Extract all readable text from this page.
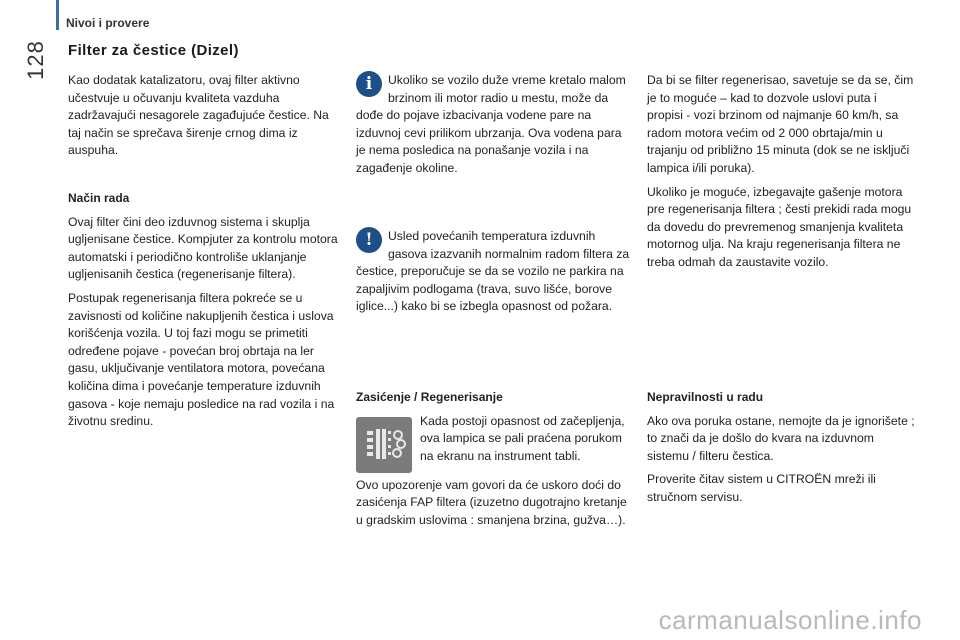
128
Nivoi i provere
Filter za čestice (Dizel)

Kao dodatak katalizatoru, ovaj filter aktivno učestvuje u očuvanju kvaliteta vazduha zadržavajući nesagorele zagađujuće čestice. Na taj način se sprečava širenje crnog dima iz auspuha.

Način rada

Ovaj filter čini deo izduvnog sistema i skuplja ugljenisane čestice. Kompjuter za kontrolu motora automatski i periodično kontroliše uklanjanje ugljenisanih čestica (regenerisanje filtera).

Postupak regenerisanja filtera pokreće se u zavisnosti od količine nakupljenih čestica i uslova korišćenja vozila. U toj fazi mogu se primetiti određene pojave - povećan broj obrtaja na ler gasu, uključivanje ventilatora motora, povećana količina dima i povećanje temperature izduvnih gasova - koje nemaju posledice na rad vozila i na životnu sredinu.

i	Ukoliko se vozilo duže vreme kretalo malom brzinom ili motor radio u mestu, može da dođe do pojave izbacivanja vodene pare na izduvnoj cevi prilikom ubrzanja. Ova vodena para je nema posledica na ponašanje vozila i na zagađenje okoline.

!	Usled povećanih temperatura izduvnih gasova izazvanih normalnim radom filtera za čestice, preporučuje se da se vozilo ne parkira na zapaljivim podlogama (trava, suvo lišće, borove iglice...) kako bi se izbegla opasnost od požara.

Zasićenje / Regenerisanje

Kada postoji opasnost od začepljenja, ova lampica se pali praćena porukom na ekranu na instrument tabli.

Ovo upozorenje vam govori da će uskoro doći do zasićenja FAP filtera (izuzetno dugotrajno kretanje u gradskim uslovima : smanjena brzina, gužva…).

Da bi se filter regenerisao, savetuje se da se, čim je to moguće – kad to dozvole uslovi puta i propisi - vozi brzinom od najmanje 60 km/h, sa radom motora većim od 2 000 obrtaja/min u trajanju od približno 15 minuta (dok se ne isključi lampica i/ili poruka).

Ukoliko je moguće, izbegavajte gašenje motora pre regenerisanja filtera ; česti prekidi rada mogu da dovedu do prevremenog smanjenja kvaliteta motornog ulja. Na kraju regenerisanja filtera ne treba odmah da zaustavite vozilo.

Nepravilnosti u radu

Ako ova poruka ostane, nemojte da je ignorišete ; to znači da je došlo do kvara na izduvnom sistemu / filteru čestica.

Proverite čitav sistem u CITROËN mreži ili stručnom servisu.

carmanualsonline.info
